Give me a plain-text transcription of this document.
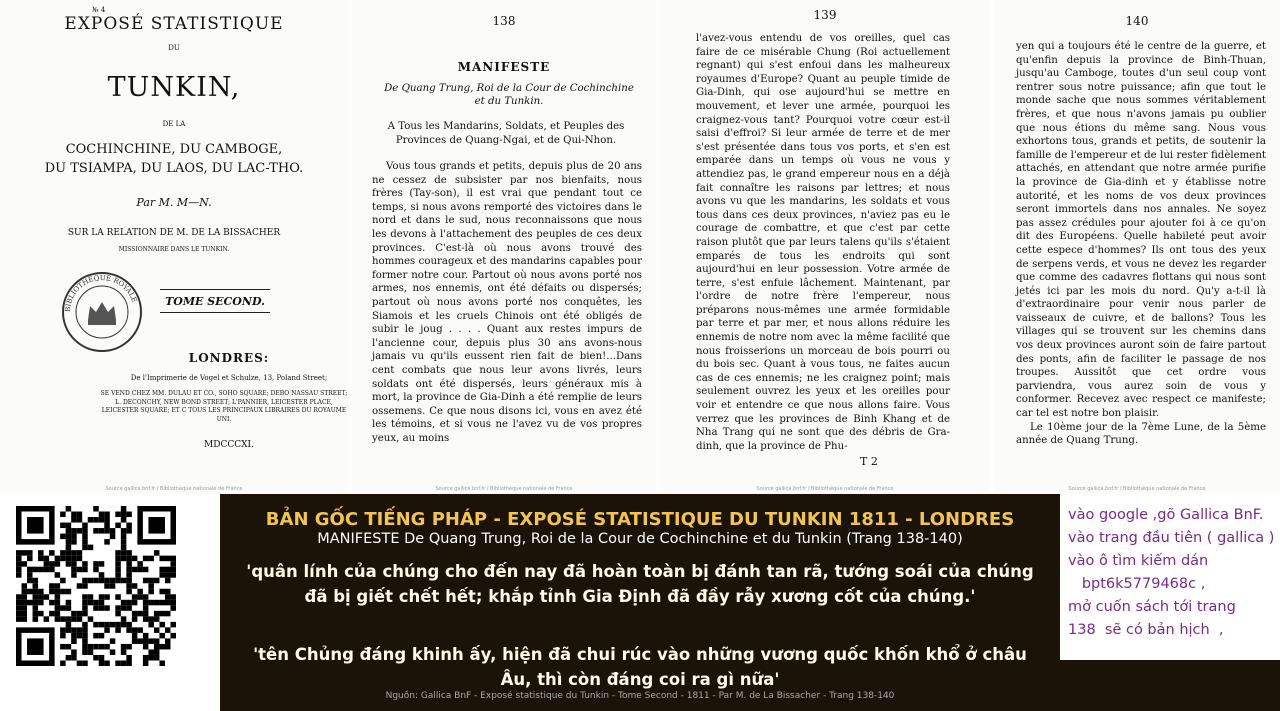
№ 4
EXPOSÉ STATISTIQUE
DU
TUNKIN,
DE LA
COCHINCHINE, DU CAMBOGE,
DU TSIAMPA, DU LAOS, DU LAC-THO.
Par M. M—N.
SUR LA RELATION DE M. DE LA BISSACHER
MISSIONNAIRE DANS LE TUNKIN.
BIBLIOTHÈQUE ROYALE	TOME SECOND.
LONDRES:
De l'Imprimerie de Vogel et Schulze, 13, Poland Street;
SE VEND CHEZ MM. DULAU ET CO., SOHO SQUARE; DEBO NASSAU STREET; L. DECONCHY, NEW BOND STREET; L'PANNIER, LEICESTER PLACE, LEICESTER SQUARE; ET C TOUS LES PRINCIPAUX LIBRAIRES DU ROYAUME UNI.
MDCCCXI.
Source gallica.bnf.fr / Bibliothèque nationale de France
138
MANIFESTE
De Quang Trung, Roi de la Cour de Cochinchine et du Tunkin.
A Tous les Mandarins, Soldats, et Peuples des Provinces de Quang-Ngai, et de Qui-Nhon.

Vous tous grands et petits, depuis plus de 20 ans ne cessez de subsister par nos bienfaits, nous frères (Tay-son), il est vrai que pendant tout ce temps, si nous avons remporté des victoires dans le nord et dans le sud, nous reconnaissons que nous les devons à l'attachement des peuples de ces deux provinces. C'est-là où nous avons trouvé des hommes courageux et des mandarins capables pour former notre cour. Partout où nous avons porté nos armes, nos ennemis, ont été défaits ou dispersés; partout où nous avons porté nos conquêtes, les Siamois et les cruels Chinois ont été obligés de subir le joug . . . . Quant aux restes impurs de l'ancienne cour, depuis plus 30 ans avons-nous jamais vu qu'ils eussent rien fait de bien!...Dans cent combats que nous leur avons livrés, leurs soldats ont été dispersés, leurs généraux mis à mort, la province de Gia-Dinh a été remplie de leurs ossemens. Ce que nous disons ici, vous en avez été les témoins, et si vous ne l'avez vu de vos propres yeux, au moins

Source gallica.bnf.fr / Bibliothèque nationale de France
139

l'avez-vous entendu de vos oreilles, quel cas faire de ce misérable Chung (Roi actuellement regnant) qui s'est enfoui dans les malheureux royaumes d'Europe? Quant au peuple timide de Gia-Dinh, qui ose aujourd'hui se mettre en mouvement, et lever une armée, pourquoi les craignez-vous tant? Pourquoi votre cœur est-il saisi d'effroi? Si leur armée de terre et de mer s'est présentée dans tous vos ports, et s'en est emparée dans un temps où vous ne vous y attendiez pas, le grand empereur nous en a déjà fait connaître les raisons par lettres; et nous avons vu que les mandarins, les soldats et vous tous dans ces deux provinces, n'aviez pas eu le courage de combattre, et que c'est par cette raison plutôt que par leurs talens qu'ils s'étaient emparés de tous les endroits qui sont aujourd'hui en leur possession. Votre armée de terre, s'est enfuie lâchement. Maintenant, par l'ordre de notre frère l'empereur, nous préparons nous-mêmes une armée formidable par terre et par mer, et nous allons réduire les ennemis de notre nom avec la même facilité que nous froisserions un morceau de bois pourri ou du bois sec. Quant à vous tous, ne faites aucun cas de ces ennemis; ne les craignez point; mais seulement ouvrez les yeux et les oreilles pour voir et entendre ce que nous allons faire. Vous verrez que les provinces de Binh Khang et de Nha Trang qui ne sont que des débris de Gra-dinh, que la province de Phu-

T 2
Source gallica.bnf.fr / Bibliothèque nationale de France
140

yen qui a toujours été le centre de la guerre, et qu'enfin depuis la province de Binh-Thuan, jusqu'au Camboge, toutes d'un seul coup vont rentrer sous notre puissance; afin que tout le monde sache que nous sommes véritablement frères, et que nous n'avons jamais pu oublier que nous étions du même sang. Nous vous exhortons tous, grands et petits, de soutenir la famille de l'empereur et de lui rester fidèlement attachés, en attendant que notre armée purifie la province de Gia-dinh et y établisse notre autorité, et les noms de vos deux provinces seront immortels dans nos annales. Ne soyez pas assez crédules pour ajouter foi à ce qu'on dit des Européens. Quelle habileté peut avoir cette espece d'hommes? Ils ont tous des yeux de serpens verds, et vous ne devez les regarder que comme des cadavres flottans qui nous sont jetés ici par les mois du nord. Qu'y a-t-il là d'extraordinaire pour venir nous parler de vaisseaux de cuivre, et de ballons? Tous les villages qui se trouvent sur les chemins dans vos deux provinces auront soin de faire partout des ponts, afin de faciliter le passage de nos troupes. Aussitôt que cet ordre vous parviendra, vous aurez soin de vous y conformer. Recevez avec respect ce manifeste; car tel est notre bon plaisir.

Le 10ème jour de la 7ème Lune, de la 5ème année de Quang Trung.

Source gallica.bnf.fr / Bibliothèque nationale de France
BẢN GỐC TIẾNG PHÁP - EXPOSÉ STATISTIQUE DU TUNKIN 1811 - LONDRES
MANIFESTE De Quang Trung, Roi de la Cour de Cochinchine et du Tunkin (Trang 138-140)
'quân lính của chúng cho đến nay đã hoàn toàn bị đánh tan rã, tướng soái của chúng đã bị giết chết hết; khắp tỉnh Gia Định đã đầy rẫy xương cốt của chúng.'
'tên Chủng đáng khinh ấy, hiện đã chui rúc vào những vương quốc khốn khổ ở châu Âu, thì còn đáng coi ra gì nữa'
Nguồn: Gallica BnF - Exposé statistique du Tunkin - Tome Second - 1811 - Par M. de La Bissacher - Trang 138-140
vào google ,gõ Gallica BnF.
vào trang đầu tiên ( gallica )
vào ô tìm kiếm dán
bpt6k5779468c ,
mở cuốn sách tới trang
138  sẽ có bản hịch  ,
